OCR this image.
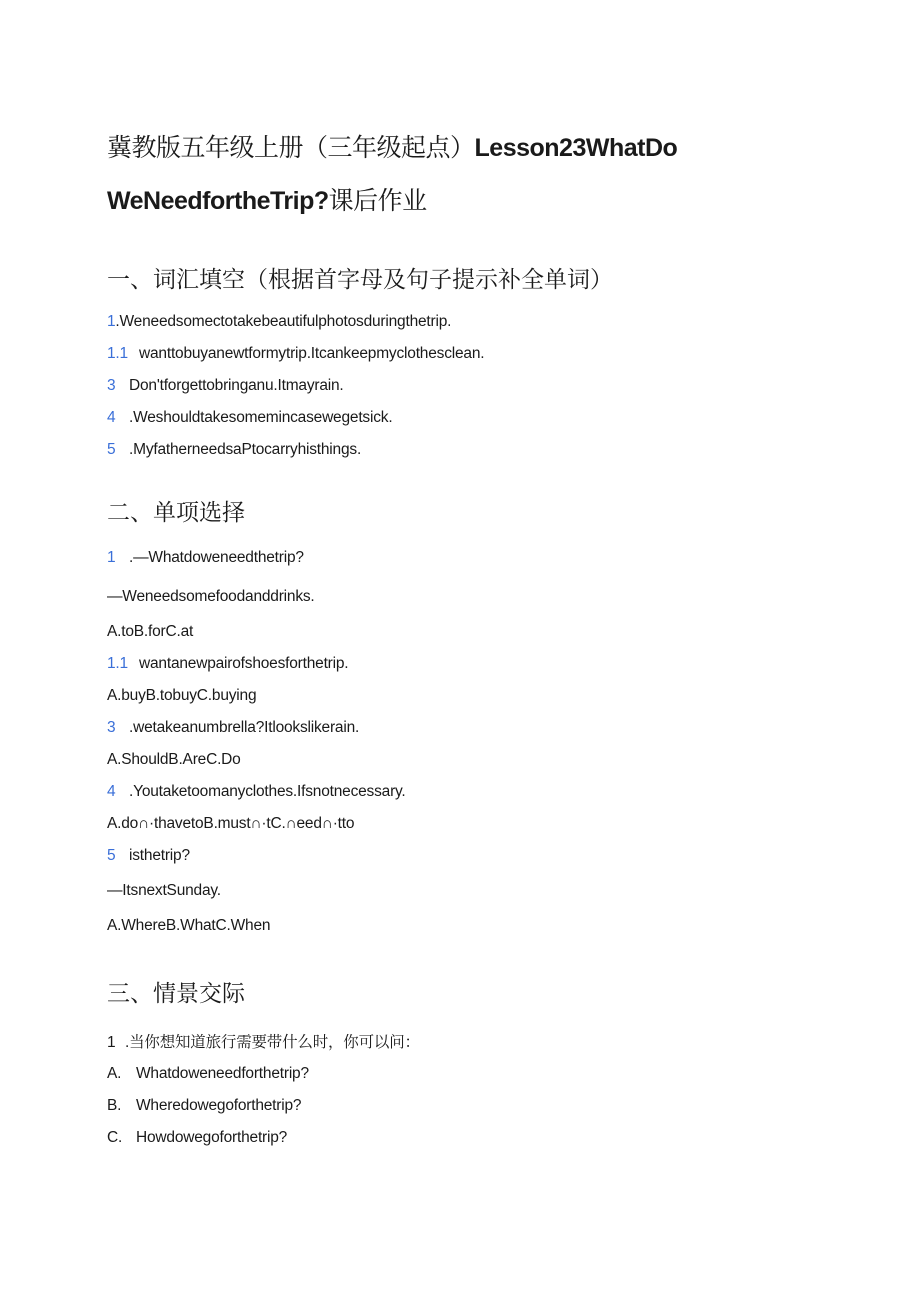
冀教版五年级上册（三年级起点）Lesson23WhatDo
WeNeedfortheTrip?课后作业
一、词汇填空（根据首字母及句子提示补全单词）
1.Weneedsomectotakebeautifulphotosduringthetrip.
1.1 wanttobuyanewtformytrip.Itcankeepmyclothesclean.
3 Don'tforgettobringanu.Itmayrain.
4 .Weshouldtakesomemincasewegetsick.
5 .MyfatherneedsaPtocarryhisthings.
二、单项选择
1 .—Whatdoweneedthetrip?
—Weneedsomefoodanddrinks.
A.toB.forC.at
1.1 wantanewpairofshoesforthetrip.
A.buyB.tobuyC.buying
3 .wetakeanumbrella?Itlookslikerain.
A.ShouldB.AreC.Do
4 .Youtaketoomanyclothes.Ifsnotnecessary.
A.do∩·thavetoB.must∩·tC.∩eed∩·tto
5 isthetrip?
—ItsnextSunday.
A.WhereB.WhatC.When
三、情景交际
1 .当你想知道旅行需要带什么时，你可以问：
A. Whatdoweneedforthetrip?
B. Wheredowegoforthetrip?
C. Howdowegoforthetrip?
